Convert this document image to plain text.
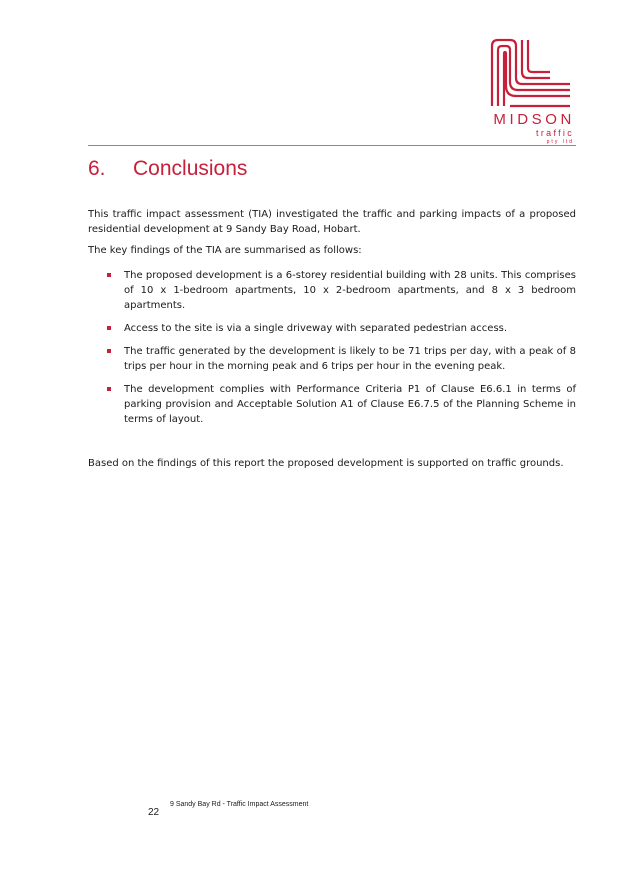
MIDSON
traffic
pty ltd
6. Conclusions

This traffic impact assessment (TIA) investigated the traffic and parking impacts of a proposed residential development at 9 Sandy Bay Road, Hobart.

The key findings of the TIA are summarised as follows:

The proposed development is a 6-storey residential building with 28 units. This comprises of 10 x 1-bedroom apartments, 10 x 2-bedroom apartments, and 8 x 3 bedroom apartments.
Access to the site is via a single driveway with separated pedestrian access.
The traffic generated by the development is likely to be 71 trips per day, with a peak of 8 trips per hour in the morning peak and 6 trips per hour in the evening peak.
The development complies with Performance Criteria P1 of Clause E6.6.1 in terms of parking provision and Acceptable Solution A1 of Clause E6.7.5 of the Planning Scheme in terms of layout.

Based on the findings of this report the proposed development is supported on traffic grounds.

22
9 Sandy Bay Rd - Traffic Impact Assessment
